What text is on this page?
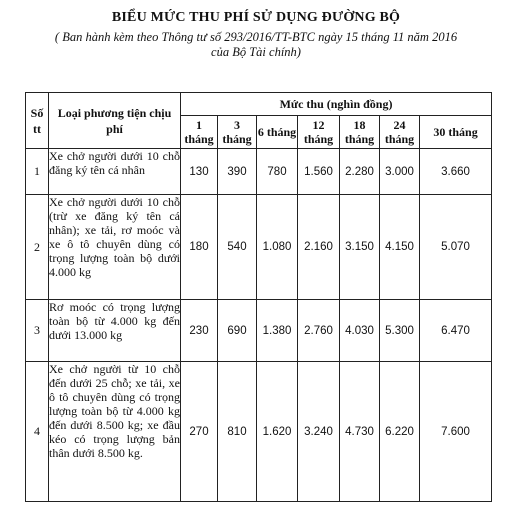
BIỂU MỨC THU PHÍ SỬ DỤNG ĐƯỜNG BỘ
( Ban hành kèm theo Thông tư số 293/2016/TT-BTC ngày 15 tháng 11 năm 2016
của Bộ Tài chính)
Số tt	Loại phương tiện chịu phí	Mức thu (nghìn đồng)						
		1 tháng	3 tháng	6 tháng	12 tháng	18 tháng	24 tháng	30 tháng
1	Xe chở người dưới 10 chỗ đăng ký tên cá nhân	130	390	780	1.560	2.280	3.000	3.660
2	Xe chở người dưới 10 chỗ (trừ xe đăng ký tên cá nhân); xe tải, rơ moóc và xe ô tô chuyên dùng có trọng lượng toàn bộ dưới 4.000 kg	180	540	1.080	2.160	3.150	4.150	5.070
3	Rơ moóc có trọng lượng toàn bộ từ 4.000 kg đến dưới 13.000 kg	230	690	1.380	2.760	4.030	5.300	6.470
4	Xe chở người từ 10 chỗ đến dưới 25 chỗ; xe tải, xe ô tô chuyên dùng có trọng lượng toàn bộ từ 4.000 kg đến dưới 8.500 kg; xe đầu kéo có trọng lượng bản thân dưới 8.500 kg.	270	810	1.620	3.240	4.730	6.220	7.600
